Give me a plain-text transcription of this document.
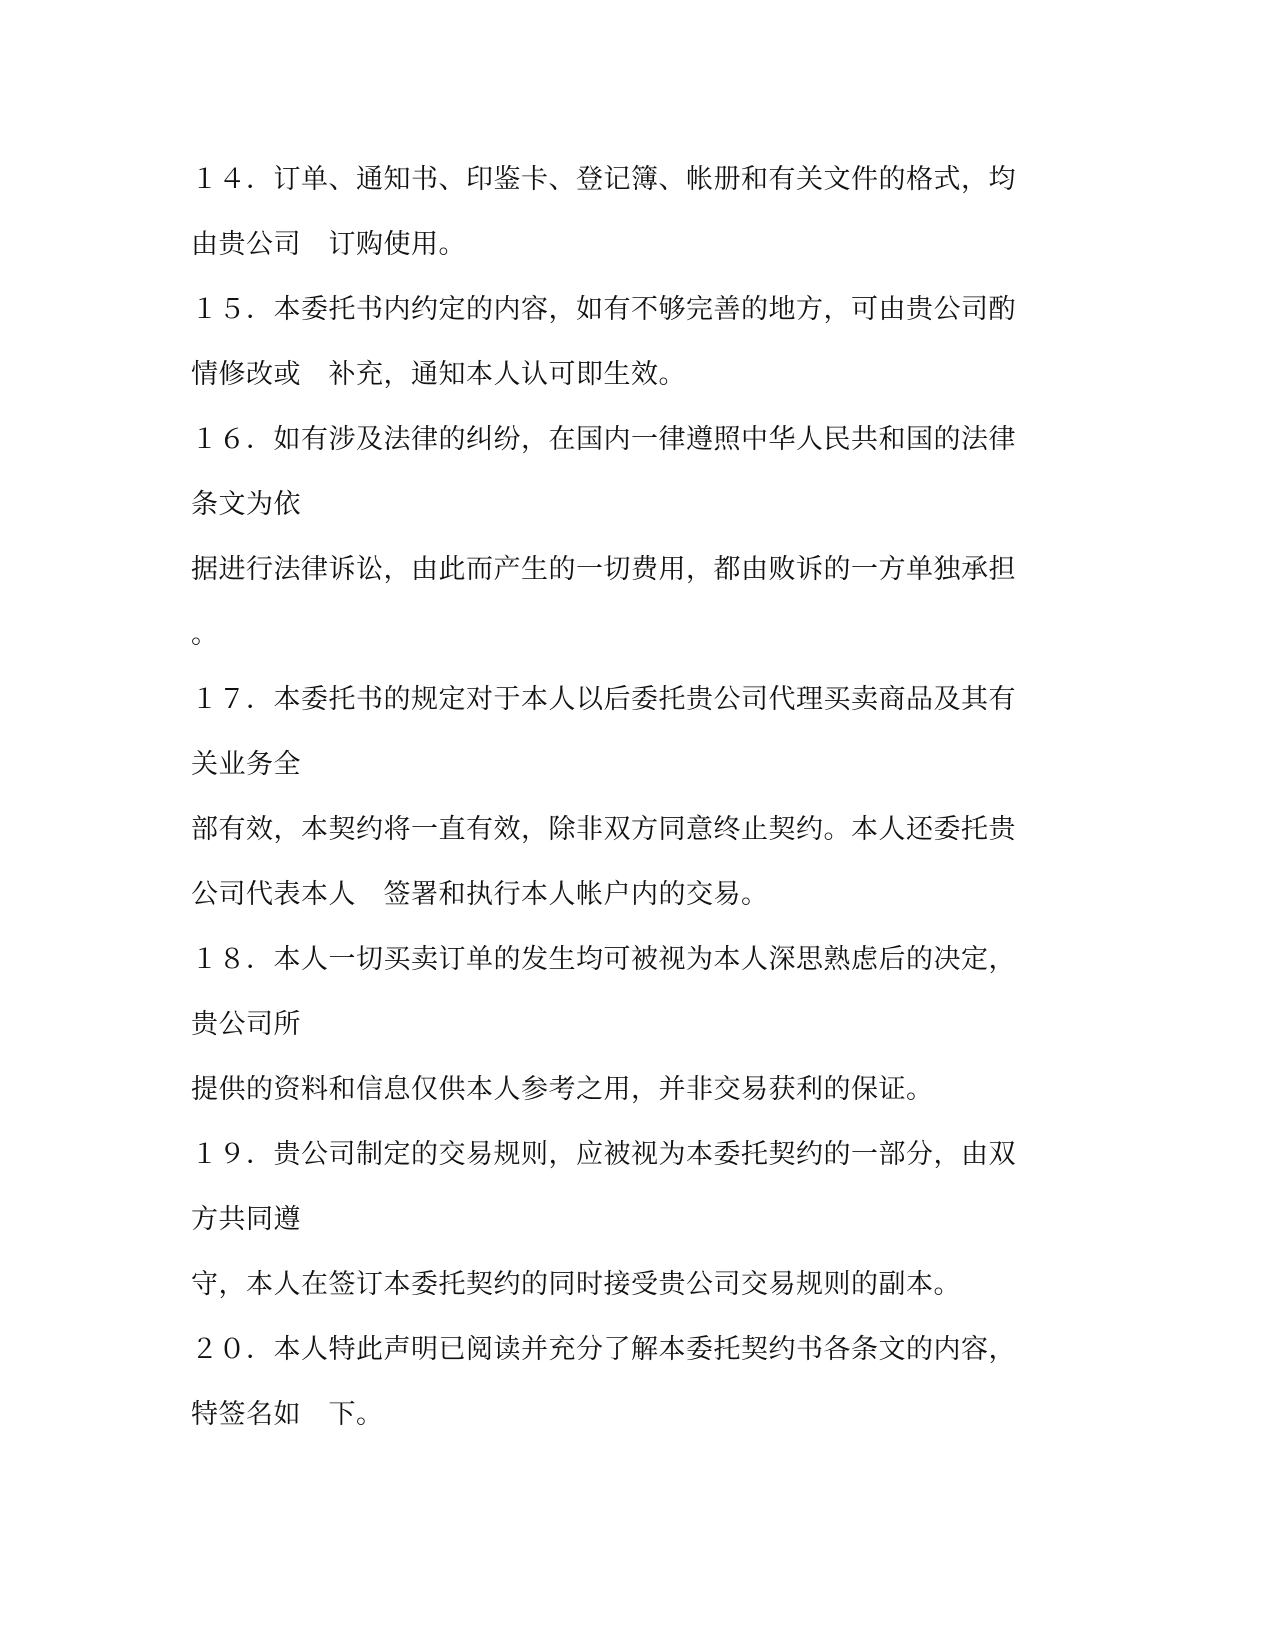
１４．订单、通知书、印鉴卡、登记簿、帐册和有关文件的格式，均
由贵公司　订购使用。
１５．本委托书内约定的内容，如有不够完善的地方，可由贵公司酌
情修改或　补充，通知本人认可即生效。
１６．如有涉及法律的纠纷，在国内一律遵照中华人民共和国的法律
条文为依
据进行法律诉讼，由此而产生的一切费用，都由败诉的一方单独承担
。
１７．本委托书的规定对于本人以后委托贵公司代理买卖商品及其有
关业务全
部有效，本契约将一直有效，除非双方同意终止契约。本人还委托贵
公司代表本人　签署和执行本人帐户内的交易。
１８．本人一切买卖订单的发生均可被视为本人深思熟虑后的决定，
贵公司所
提供的资料和信息仅供本人参考之用，并非交易获利的保证。
１９．贵公司制定的交易规则，应被视为本委托契约的一部分，由双
方共同遵
守，本人在签订本委托契约的同时接受贵公司交易规则的副本。
２０．本人特此声明已阅读并充分了解本委托契约书各条文的内容，
特签名如　下。
